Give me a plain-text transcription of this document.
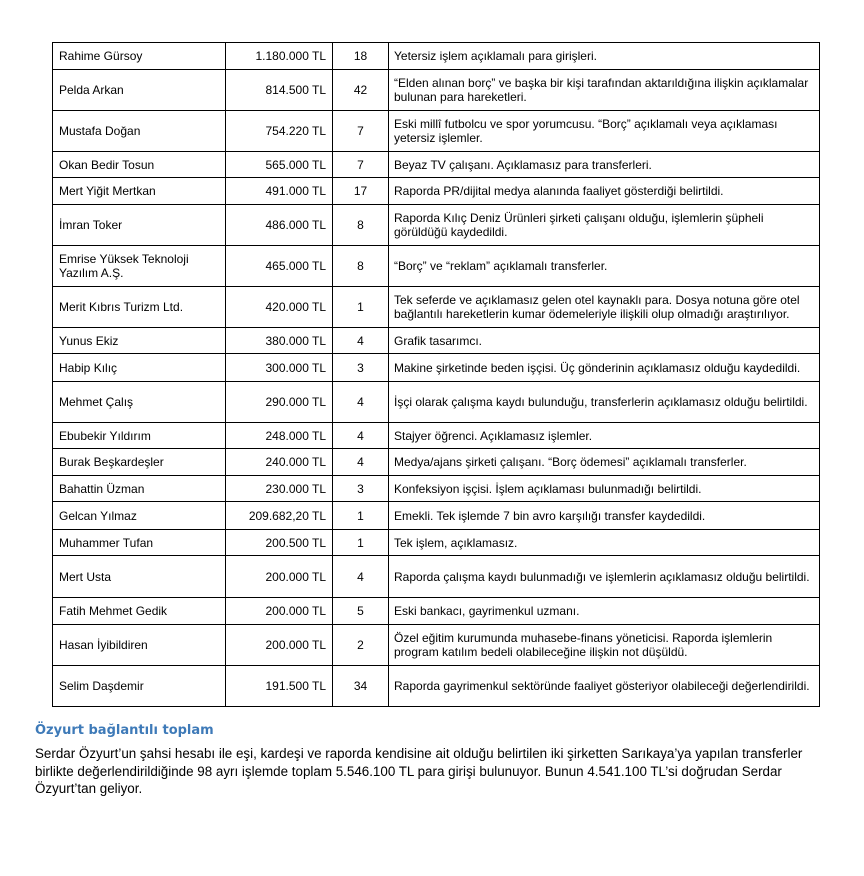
Rahime Gürsoy	1.180.000 TL	18	Yetersiz işlem açıklamalı para girişleri.
Pelda Arkan	814.500 TL	42	“Elden alınan borç” ve başka bir kişi tarafından aktarıldığına ilişkin açıklamalar bulunan para hareketleri.
Mustafa Doğan	754.220 TL	7	Eski millî futbolcu ve spor yorumcusu. “Borç” açıklamalı veya açıklaması yetersiz işlemler.
Okan Bedir Tosun	565.000 TL	7	Beyaz TV çalışanı. Açıklamasız para transferleri.
Mert Yiğit Mertkan	491.000 TL	17	Raporda PR/dijital medya alanında faaliyet gösterdiği belirtildi.
İmran Toker	486.000 TL	8	Raporda Kılıç Deniz Ürünleri şirketi çalışanı olduğu, işlemlerin şüpheli görüldüğü kaydedildi.
Emrise Yüksek Teknoloji Yazılım A.Ş.	465.000 TL	8	“Borç” ve “reklam” açıklamalı transferler.
Merit Kıbrıs Turizm Ltd.	420.000 TL	1	Tek seferde ve açıklamasız gelen otel kaynaklı para. Dosya notuna göre otel bağlantılı hareketlerin kumar ödemeleriyle ilişkili olup olmadığı araştırılıyor.
Yunus Ekiz	380.000 TL	4	Grafik tasarımcı.
Habip Kılıç	300.000 TL	3	Makine şirketinde beden işçisi. Üç gönderinin açıklamasız olduğu kaydedildi.
Mehmet Çalış	290.000 TL	4	İşçi olarak çalışma kaydı bulunduğu, transferlerin açıklamasız olduğu belirtildi.
Ebubekir Yıldırım	248.000 TL	4	Stajyer öğrenci. Açıklamasız işlemler.
Burak Beşkardeşler	240.000 TL	4	Medya/ajans şirketi çalışanı. “Borç ödemesi” açıklamalı transferler.
Bahattin Üzman	230.000 TL	3	Konfeksiyon işçisi. İşlem açıklaması bulunmadığı belirtildi.
Gelcan Yılmaz	209.682,20 TL	1	Emekli. Tek işlemde 7 bin avro karşılığı transfer kaydedildi.
Muhammer Tufan	200.500 TL	1	Tek işlem, açıklamasız.
Mert Usta	200.000 TL	4	Raporda çalışma kaydı bulunmadığı ve işlemlerin açıklamasız olduğu belirtildi.
Fatih Mehmet Gedik	200.000 TL	5	Eski bankacı, gayrimenkul uzmanı.
Hasan İyibildiren	200.000 TL	2	Özel eğitim kurumunda muhasebe-finans yöneticisi. Raporda işlemlerin program katılım bedeli olabileceğine ilişkin not düşüldü.
Selim Daşdemir	191.500 TL	34	Raporda gayrimenkul sektöründe faaliyet gösteriyor olabileceği değerlendirildi.
Özyurt bağlantılı toplam

Serdar Özyurt’un şahsi hesabı ile eşi, kardeşi ve raporda kendisine ait olduğu belirtilen iki şirketten Sarıkaya’ya yapılan transferler birlikte değerlendirildiğinde 98 ayrı işlemde toplam 5.546.100 TL para girişi bulunuyor. Bunun 4.541.100 TL’si doğrudan Serdar Özyurt’tan geliyor.
